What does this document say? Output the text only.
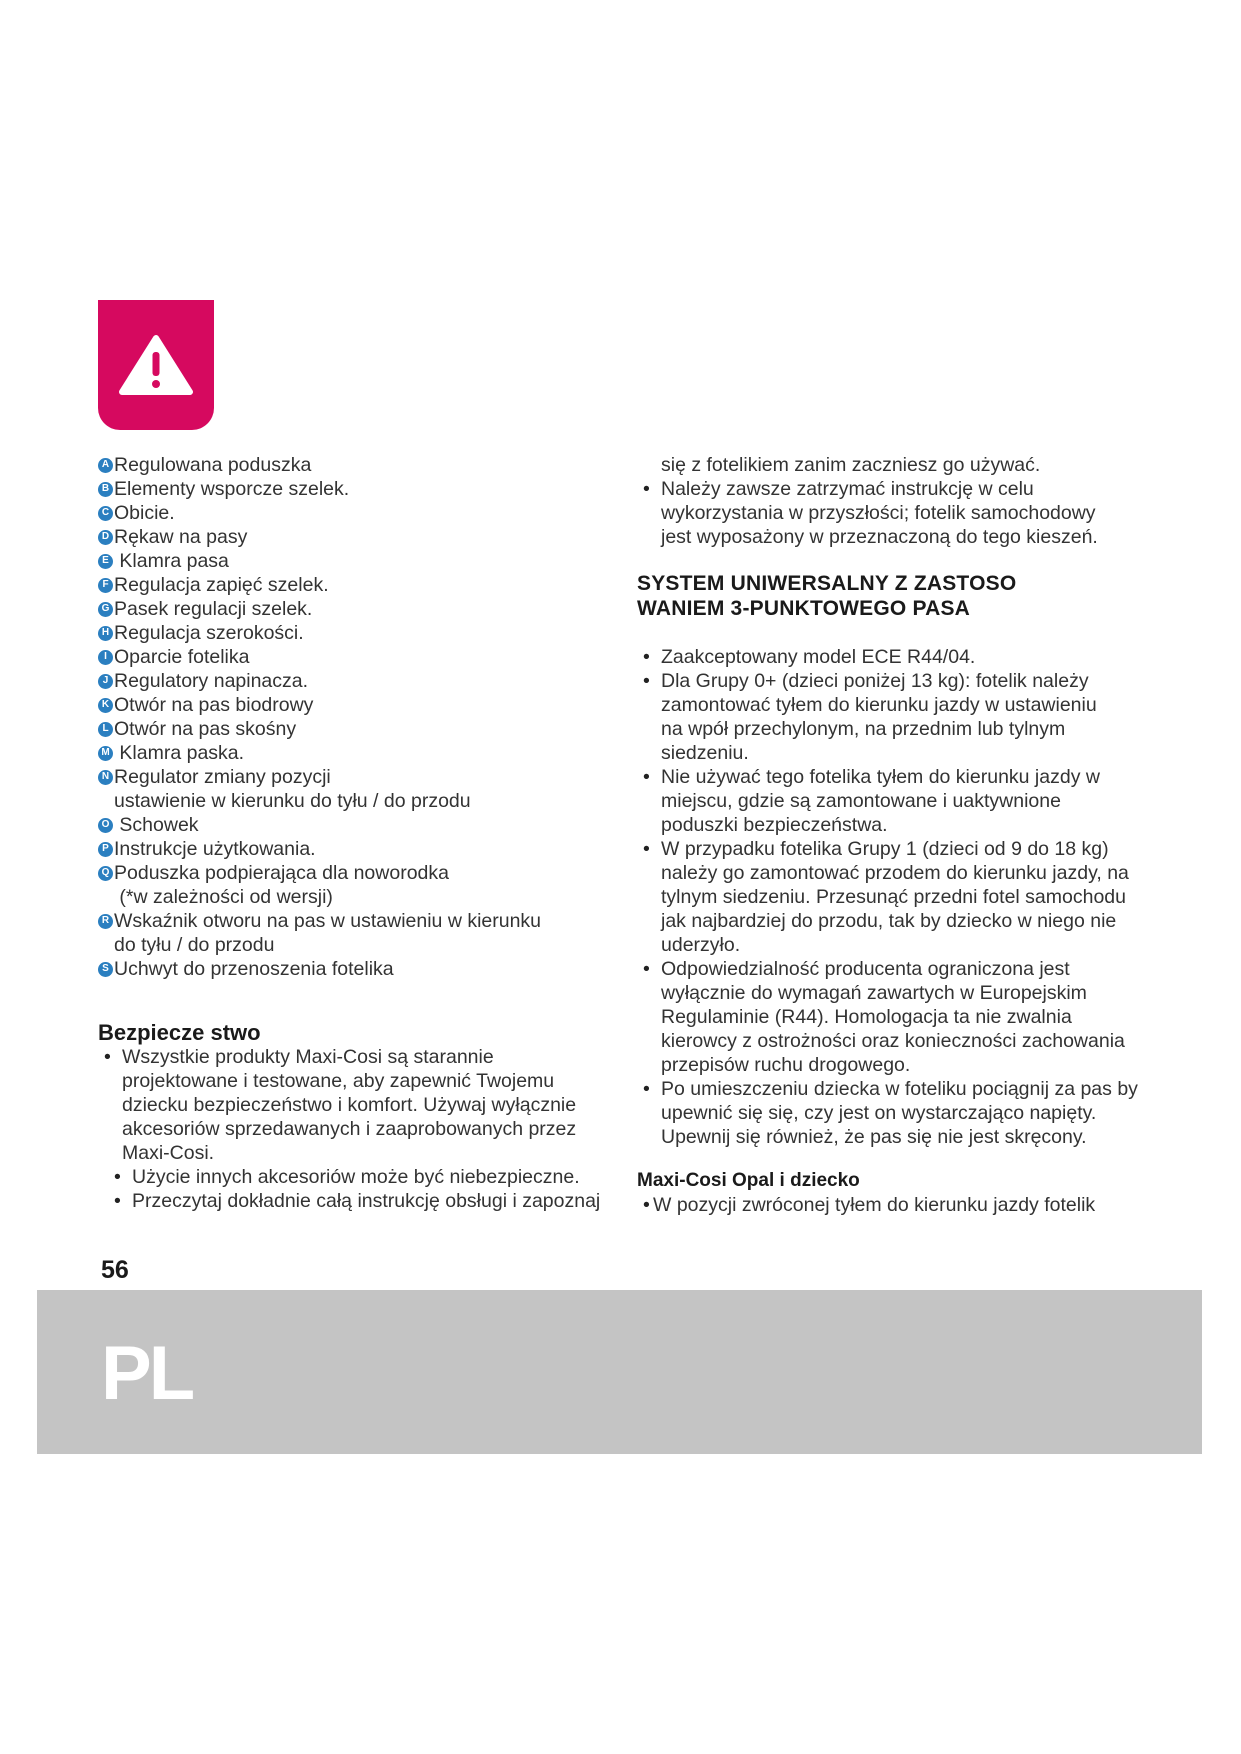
A Regulowana poduszka
B Elementy wsporcze szelek.
C Obicie.
D Rękaw na pasy
E Klamra pasa
F Regulacja zapięć szelek.
G Pasek regulacji szelek.
H Regulacja szerokości.
I Oparcie fotelika
J Regulatory napinacza.
K Otwór na pas biodrowy
L Otwór na pas skośny
M Klamra paska.
N Regulator zmiany pozycji
ustawienie w kierunku do tyłu / do przodu
O Schowek
P Instrukcje użytkowania.
Q Poduszka podpierająca dla noworodka
(*w zależności od wersji)
R Wskaźnik otworu na pas w ustawieniu w kierunku
do tyłu / do przodu
S Uchwyt do przenoszenia fotelika
Bezpiecze stwo
• Wszystkie produkty Maxi-Cosi są starannie projektowane i testowane, aby zapewnić Twojemu dziecku bezpieczeństwo i komfort. Używaj wyłącznie akcesoriów sprzedawanych i zaaprobowanych przez Maxi-Cosi.
• Użycie innych akcesoriów może być niebezpieczne.
• Przeczytaj dokładnie całą instrukcję obsługi i zapoznaj
się z fotelikiem zanim zaczniesz go używać.
• Należy zawsze zatrzymać instrukcję w celu wykorzystania w przyszłości; fotelik samochodowy jest wyposażony w przeznaczoną do tego kieszeń.
SYSTEM UNIWERSALNY Z ZASTOSO
WANIEM 3-PUNKTOWEGO PASA
• Zaakceptowany model ECE R44/04.
• Dla Grupy 0+ (dzieci poniżej 13 kg): fotelik należy zamontować tyłem do kierunku jazdy w ustawieniu na wpół przechylonym, na przednim lub tylnym siedzeniu.
• Nie używać tego fotelika tyłem do kierunku jazdy w miejscu, gdzie są zamontowane i uaktywnione poduszki bezpieczeństwa.
• W przypadku fotelika Grupy 1 (dzieci od 9 do 18 kg) należy go zamontować przodem do kierunku jazdy, na tylnym siedzeniu. Przesunąć przedni fotel samochodu jak najbardziej do przodu, tak by dziecko w niego nie uderzyło.
• Odpowiedzialność producenta ograniczona jest wyłącznie do wymagań zawartych w Europejskim Regulaminie (R44). Homologacja ta nie zwalnia kierowcy z ostrożności oraz konieczności zachowania przepisów ruchu drogowego.
• Po umieszczeniu dziecka w foteliku pociągnij za pas by upewnić się się, czy jest on wystarczająco napięty. Upewnij się również, że pas się nie jest skręcony.
Maxi-Cosi Opal i dziecko
• W pozycji zwróconej tyłem do kierunku jazdy fotelik
56
PL
